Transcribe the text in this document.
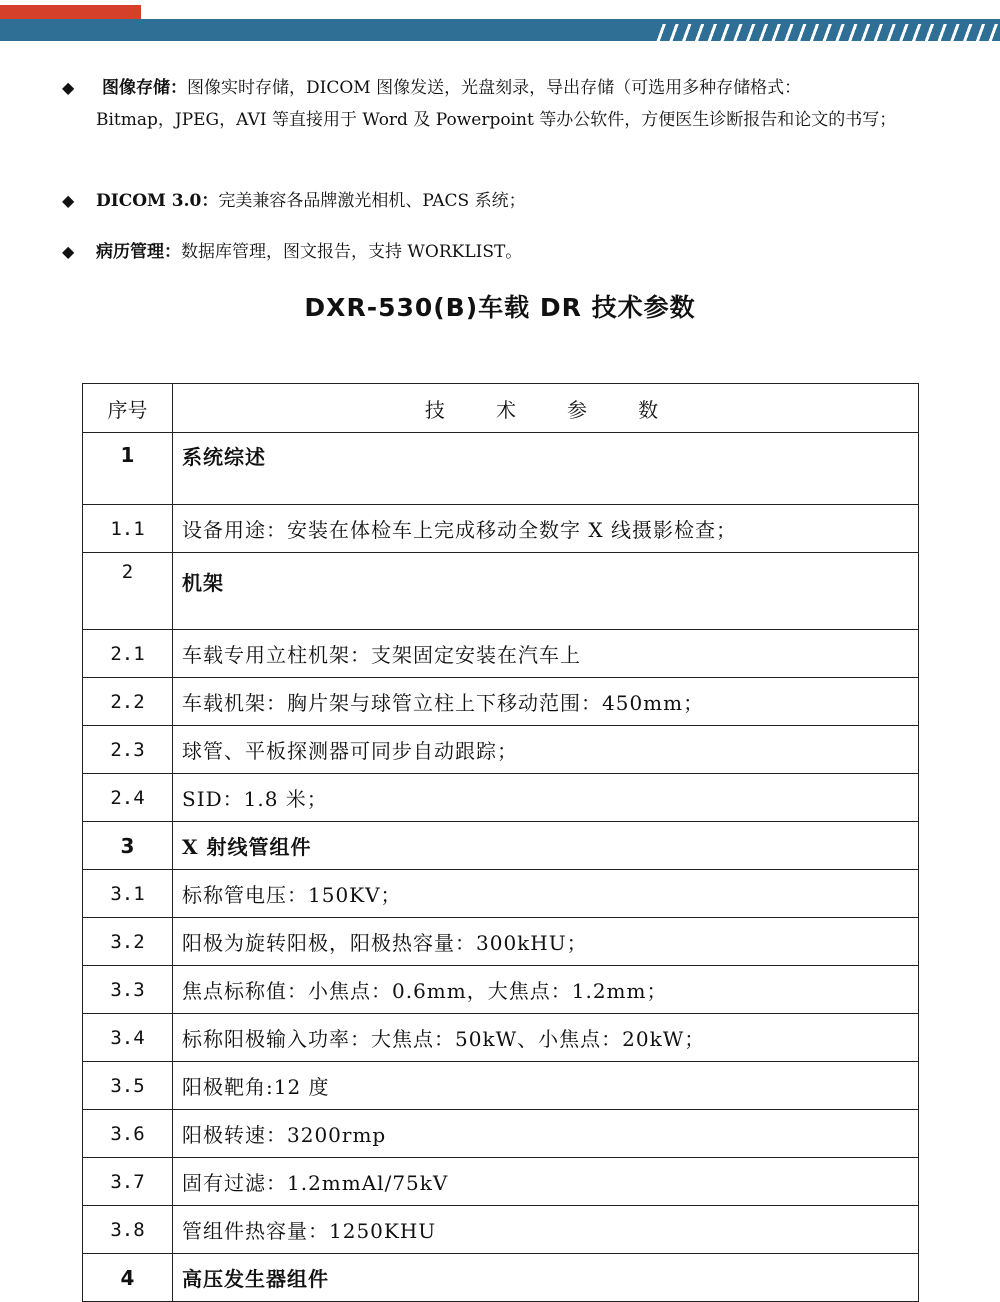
◆	图像存储：图像实时存储，DICOM 图像发送，光盘刻录，导出存储（可选用多种存储格式：
Bitmap，JPEG，AVI 等直接用于 Word 及 Powerpoint 等办公软件，方便医生诊断报告和论文的书写；
◆ DICOM 3.0：完美兼容各品牌激光相机、PACS 系统；
◆ 病历管理：数据库管理，图文报告，支持 WORKLIST。
DXR-530(B)车载 DR 技术参数
序号	技   术   参   数
1	系统综述
1.1	设备用途：安装在体检车上完成移动全数字 X 线摄影检查；
2	机架
2.1	车载专用立柱机架：支架固定安装在汽车上
2.2	车载机架：胸片架与球管立柱上下移动范围：450mm；
2.3	球管、平板探测器可同步自动跟踪；
2.4	SID：1.8 米；
3	X 射线管组件
3.1	标称管电压：150KV；
3.2	阳极为旋转阳极，阳极热容量：300kHU；
3.3	焦点标称值：小焦点：0.6mm，大焦点：1.2mm；
3.4	标称阳极输入功率：大焦点：50kW、小焦点：20kW；
3.5	阳极靶角:12 度
3.6	阳极转速：3200rmp
3.7	固有过滤：1.2mmAl/75kV
3.8	管组件热容量：1250KHU
4	高压发生器组件
